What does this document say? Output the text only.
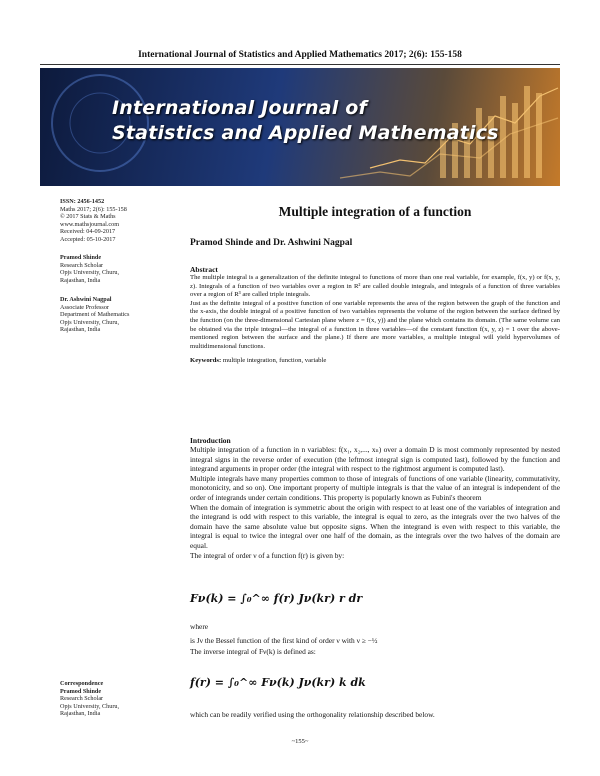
International Journal of Statistics and Applied Mathematics 2017; 2(6): 155-158
International Journal of
Statistics and Applied Mathematics
ISSN: 2456-1452
Maths 2017; 2(6): 155-158
© 2017 Stats & Maths
www.mathsjournal.com
Received: 04-09-2017
Accepted: 05-10-2017
Pramod Shinde
Research Scholar
Opjs University, Churu,
Rajasthan, India
Dr. Ashwini Nagpal
Associate Professor
Department of Mathematics
Opjs University, Churu,
Rajasthan, India
Correspondence
Pramod Shinde
Research Scholar
Opjs University, Churu,
Rajasthan, India
Multiple integration of a function
Pramod Shinde and Dr. Ashwini Nagpal
Abstract
The multiple integral is a generalization of the definite integral to functions of more than one real variable, for example, f(x, y) or f(x, y, z). Integrals of a function of two variables over a region in R² are called double integrals, and integrals of a function of three variables over a region of R³ are called triple integrals.
Just as the definite integral of a positive function of one variable represents the area of the region between the graph of the function and the x-axis, the double integral of a positive function of two variables represents the volume of the region between the surface defined by the function (on the three-dimensional Cartesian plane where z = f(x, y)) and the plane which contains its domain. (The same volume can be obtained via the triple integral—the integral of a function in three variables—of the constant function f(x, y, z) = 1 over the above-mentioned region between the surface and the plane.) If there are more variables, a multiple integral will yield hypervolumes of multidimensional functions.
Keywords: multiple integration, function, variable
Introduction
Multiple integration of a function in n variables: f(x₁, x₂,..., xₙ) over a domain D is most commonly represented by nested integral signs in the reverse order of execution (the leftmost integral sign is computed last), followed by the function and integrand arguments in proper order (the integral with respect to the rightmost argument is computed last).
Multiple integrals have many properties common to those of integrals of functions of one variable (linearity, commutativity, monotonicity, and so on). One important property of multiple integrals is that the value of an integral is independent of the order of integrands under certain conditions. This property is popularly known as Fubini's theorem
When the domain of integration is symmetric about the origin with respect to at least one of the variables of integration and the integrand is odd with respect to this variable, the integral is equal to zero, as the integrals over the two halves of the domain have the same absolute value but opposite signs. When the integrand is even with respect to this variable, the integral is equal to twice the integral over one half of the domain, as the integrals over the two halves of the domain are equal.
The integral of order ν of a function f(r) is given by:
Fν(k) = ∫₀^∞ f(r) Jν(kr) r dr
where
is Jν the Bessel function of the first kind of order ν with ν ≥ −½
The inverse integral of Fν(k) is defined as:
f(r) = ∫₀^∞ Fν(k) Jν(kr) k dk
which can be readily verified using the orthogonality relationship described below.
~155~
